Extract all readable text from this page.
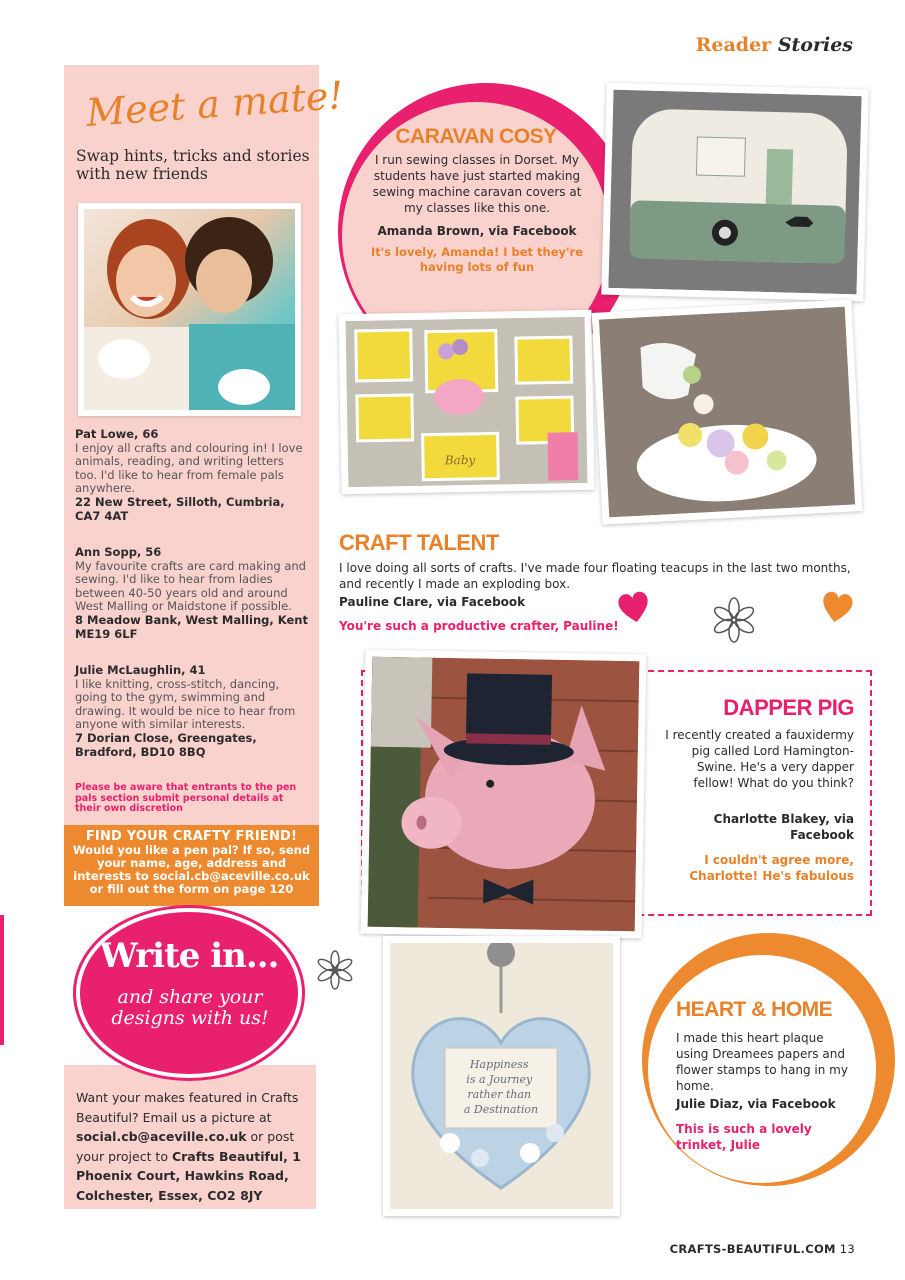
Reader Stories
Meet a mate!
Swap hints, tricks and stories with new friends
Pat Lowe, 66
I enjoy all crafts and colouring in! I love animals, reading, and writing letters too. I'd like to hear from female pals anywhere.
22 New Street, Silloth, Cumbria, CA7 4AT
Ann Sopp, 56
My favourite crafts are card making and sewing. I'd like to hear from ladies between 40-50 years old and around West Malling or Maidstone if possible.
8 Meadow Bank, West Malling, Kent ME19 6LF
Julie McLaughlin, 41
I like knitting, cross-stitch, dancing, going to the gym, swimming and drawing. It would be nice to hear from anyone with similar interests.
7 Dorian Close, Greengates, Bradford, BD10 8BQ
Please be aware that entrants to the pen pals section submit personal details at their own discretion
FIND YOUR CRAFTY FRIEND!
Would you like a pen pal? If so, send your name, age, address and interests to social.cb@aceville.co.uk or fill out the form on page 120
CARAVAN COSY
I run sewing classes in Dorset. My students have just started making sewing machine caravan covers at my classes like this one.
Amanda Brown, via Facebook
It's lovely, Amanda! I bet they're having lots of fun
Baby
CRAFT TALENT
I love doing all sorts of crafts. I've made four floating teacups in the last two months, and recently I made an exploding box.
Pauline Clare, via Facebook
You're such a productive crafter, Pauline!
DAPPER PIG
I recently created a fauxidermy pig called Lord Hamington-Swine. He's a very dapper fellow! What do you think?
Charlotte Blakey, via Facebook
I couldn't agree more, Charlotte! He's fabulous
Write in...
and share your designs with us!
Want your makes featured in Crafts Beautiful? Email us a picture at social.cb@aceville.co.uk or post your project to Crafts Beautiful, 1 Phoenix Court, Hawkins Road, Colchester, Essex, CO2 8JY
Happiness is a Journey rather than a Destination
HEART & HOME
I made this heart plaque using Dreamees papers and flower stamps to hang in my home.
Julie Diaz, via Facebook
This is such a lovely trinket, Julie
CRAFTS-BEAUTIFUL.COM 13
